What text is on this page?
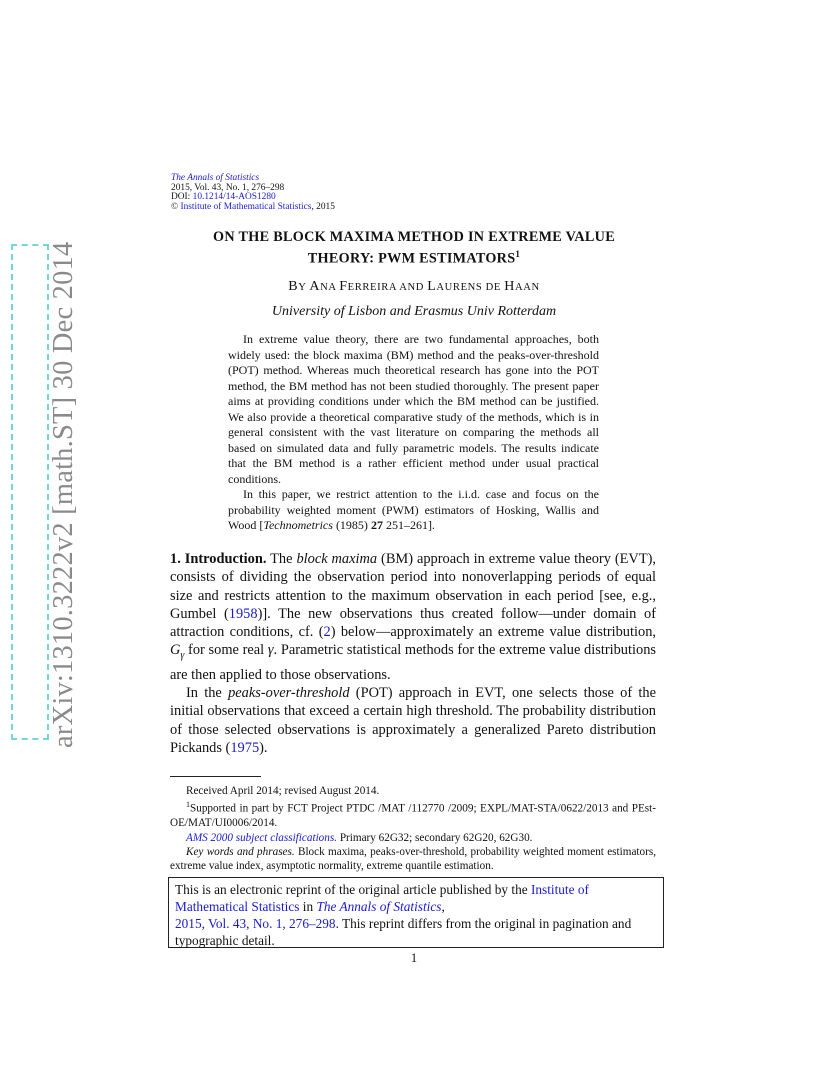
arXiv:1310.3222v2 [math.ST] 30 Dec 2014
The Annals of Statistics
2015, Vol. 43, No. 1, 276–298
DOI: 10.1214/14-AOS1280
© Institute of Mathematical Statistics, 2015
ON THE BLOCK MAXIMA METHOD IN EXTREME VALUE
THEORY: PWM ESTIMATORS$^1$
BY ANA FERREIRA AND LAURENS DE HAAN
University of Lisbon and Erasmus Univ Rotterdam

In extreme value theory, there are two fundamental approaches, both widely used: the block maxima (BM) method and the peaks-over-threshold (POT) method. Whereas much theoretical research has gone into the POT method, the BM method has not been studied thoroughly. The present paper aims at providing conditions under which the BM method can be justified. We also provide a theoretical comparative study of the methods, which is in general consistent with the vast literature on comparing the methods all based on simulated data and fully parametric models. The results indicate that the BM method is a rather efficient method under usual practical conditions.

In this paper, we restrict attention to the i.i.d. case and focus on the probability weighted moment (PWM) estimators of Hosking, Wallis and Wood [Technometrics (1985) 27 251–261].

1. Introduction. The block maxima (BM) approach in extreme value theory (EVT), consists of dividing the observation period into nonoverlapping periods of equal size and restricts attention to the maximum observation in each period [see, e.g., Gumbel (1958)]. The new observations thus created follow—under domain of attraction conditions, cf. (2) below—approximately an extreme value distribution, $G_\gamma$ for some real γ. Parametric statistical methods for the extreme value distributions are then applied to those observations.

In the peaks-over-threshold (POT) approach in EVT, one selects those of the initial observations that exceed a certain high threshold. The probability distribution of those selected observations is approximately a generalized Pareto distribution Pickands (1975).

Received April 2014; revised August 2014.

$^1$Supported in part by FCT Project PTDC /MAT /112770 /2009; EXPL/MAT-STA/0622/2013 and PEst-OE/MAT/UI0006/2014.

AMS 2000 subject classifications. Primary 62G32; secondary 62G20, 62G30.

Key words and phrases. Block maxima, peaks-over-threshold, probability weighted moment estimators, extreme value index, asymptotic normality, extreme quantile estimation.

This is an electronic reprint of the original article published by the Institute of Mathematical Statistics in The Annals of Statistics,
2015, Vol. 43, No. 1, 276–298. This reprint differs from the original in pagination and typographic detail.
1
